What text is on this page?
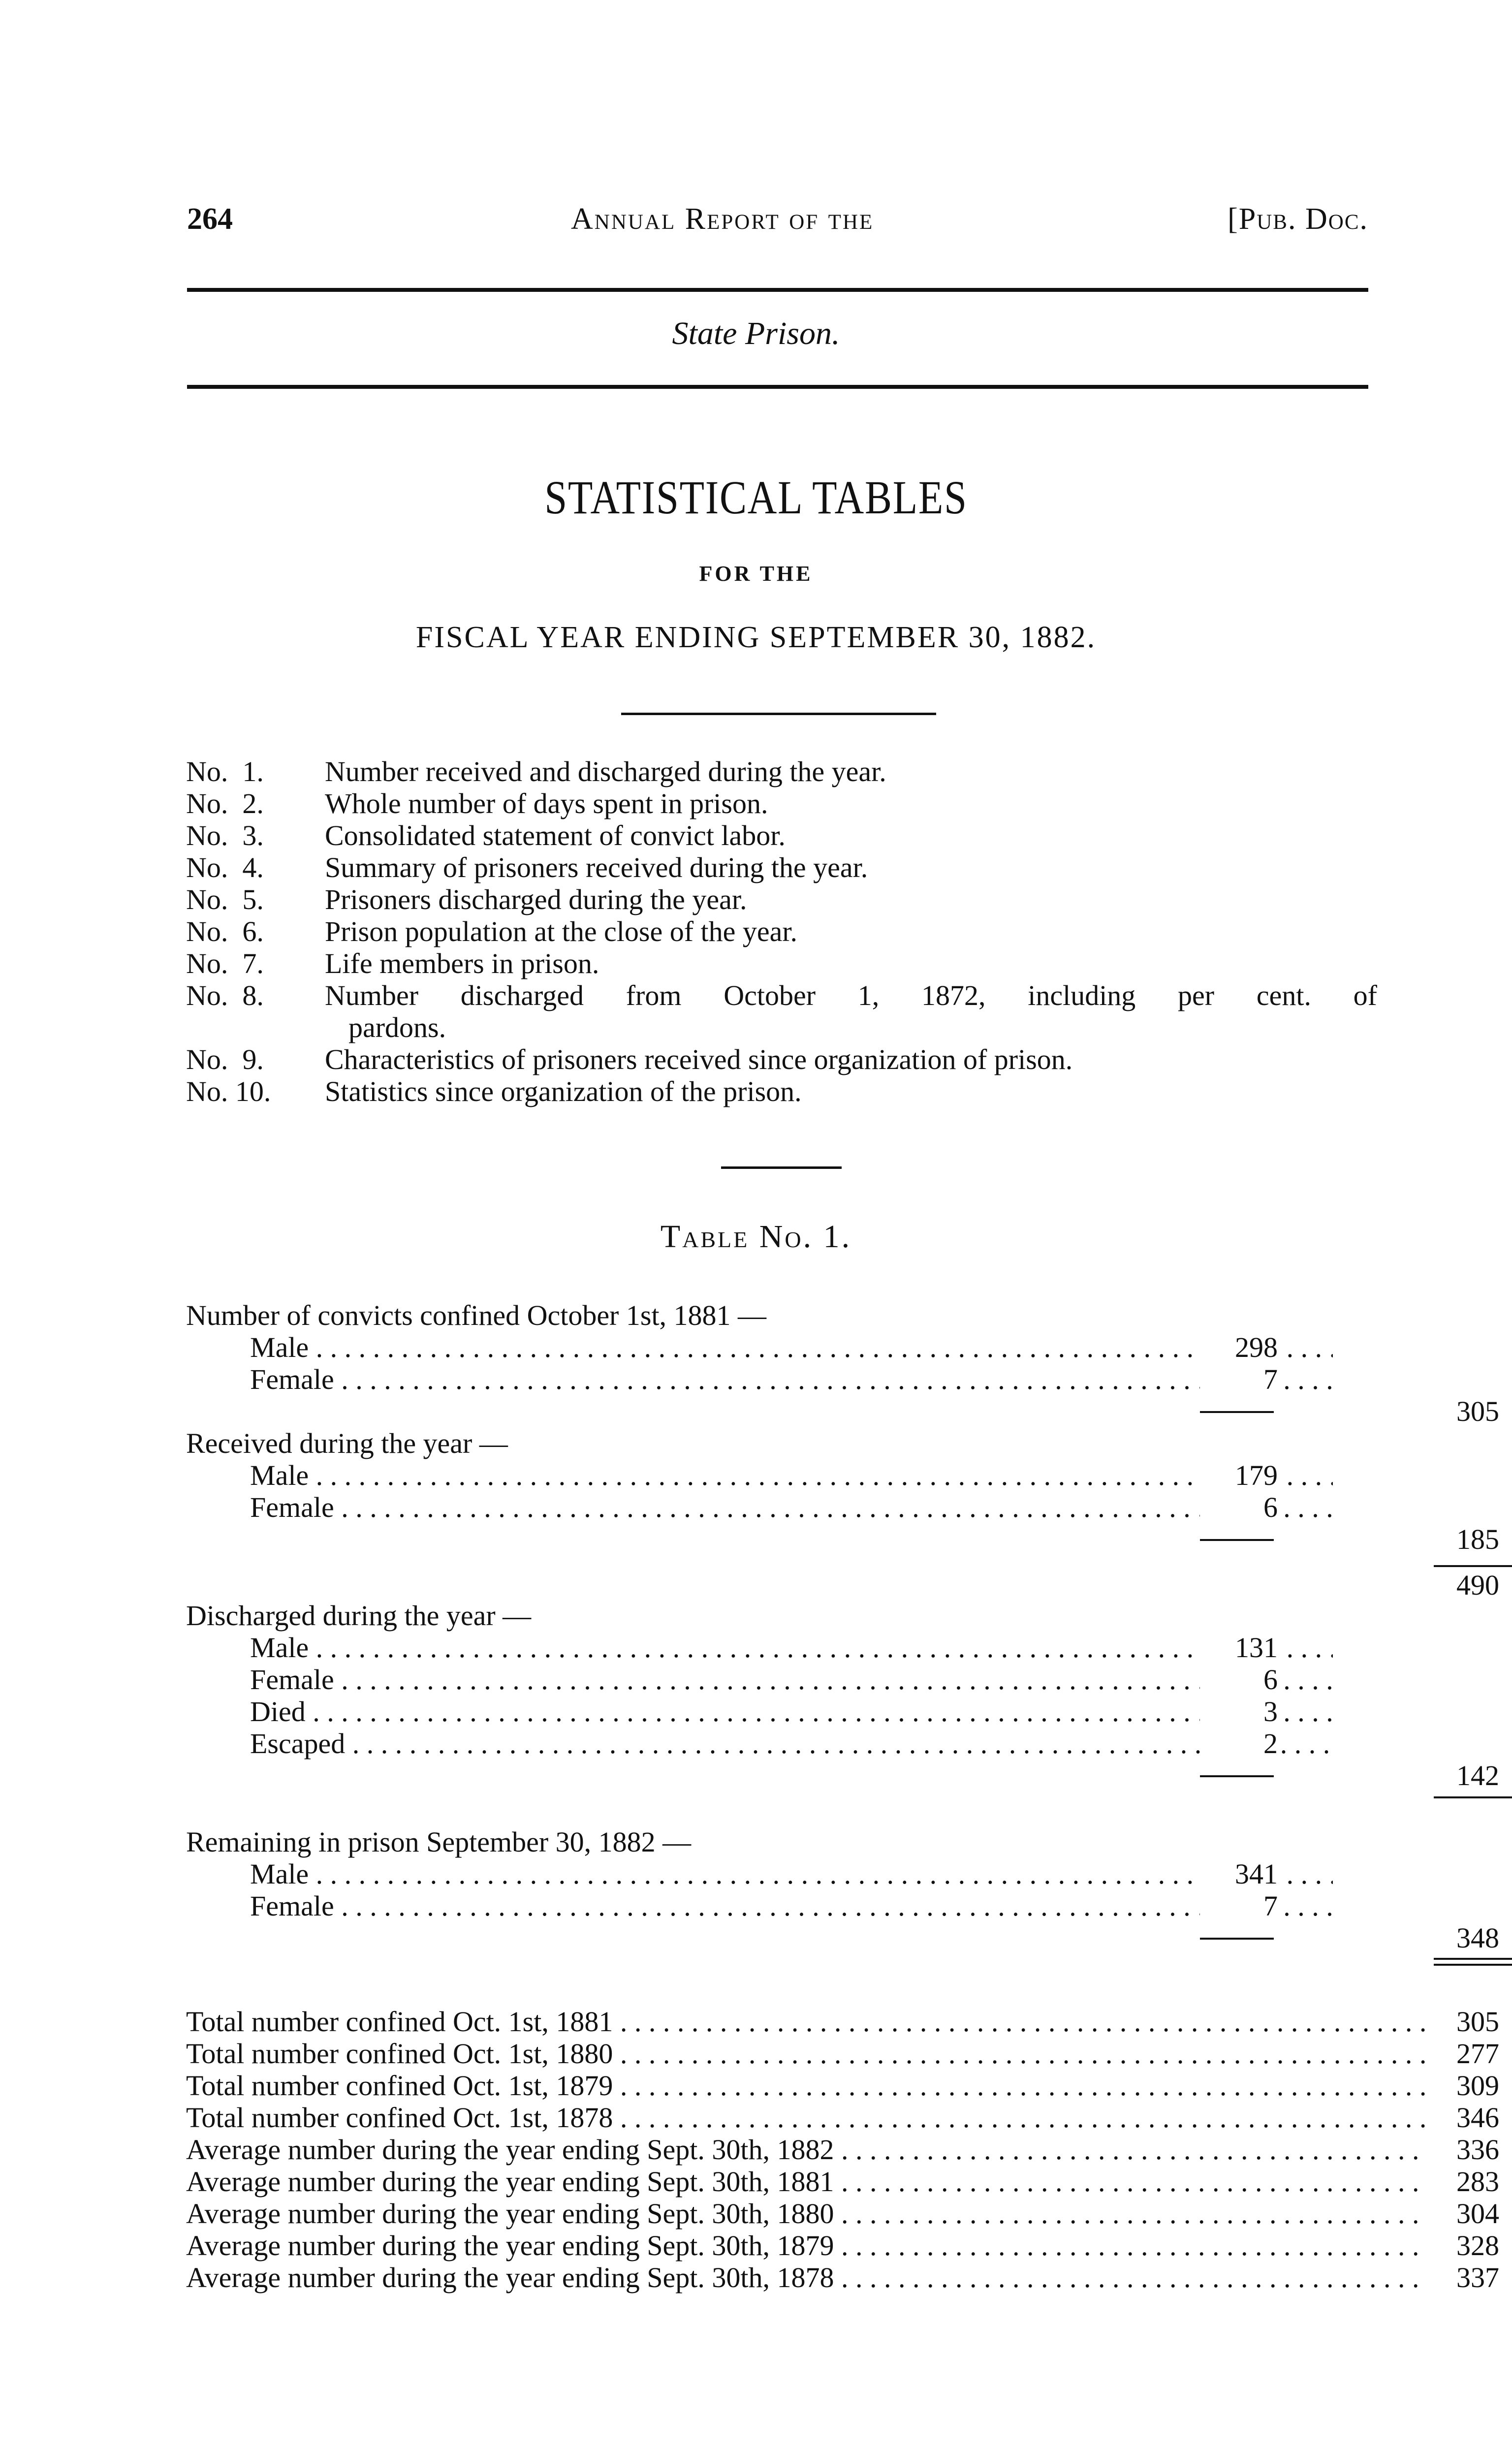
264	Annual Report of the	[Pub. Doc.
State Prison.
STATISTICAL TABLES
FOR THE
FISCAL YEAR ENDING SEPTEMBER 30, 1882.
No.  1.	Number received and discharged during the year.
No.  2.	Whole number of days spent in prison.
No.  3.	Consolidated statement of convict labor.
No.  4.	Summary of prisoners received during the year.
No.  5.	Prisoners discharged during the year.
No.  6.	Prison population at the close of the year.
No.  7.	Life members in prison.
No.  8.	Number discharged from October 1, 1872, including per cent. of
pardons.
No.  9.	Characteristics of prisoners received since organization of prison.
No. 10.	Statistics since organization of the prison.
Table No. 1.
Number of convicts confined October 1st, 1881 —
Male . . .	298
Female . . .	7
305
Received during the year —
Male . . .	179
Female . . .	6
185
490
Discharged during the year —
Male . . .	131
Female . . .	6
Died . . .	3
Escaped . . .	2
142
Remaining in prison September 30, 1882 —
Male . . .	341
Female . . .	7
348
Total number confined Oct. 1st, 1881 . . .	305
Total number confined Oct. 1st, 1880 . . .	277
Total number confined Oct. 1st, 1879 . . .	309
Total number confined Oct. 1st, 1878 . . .	346
Average number during the year ending Sept. 30th, 1882 . . .	336
Average number during the year ending Sept. 30th, 1881 . . .	283
Average number during the year ending Sept. 30th, 1880 . . .	304
Average number during the year ending Sept. 30th, 1879 . . .	328
Average number during the year ending Sept. 30th, 1878 . . .	337
